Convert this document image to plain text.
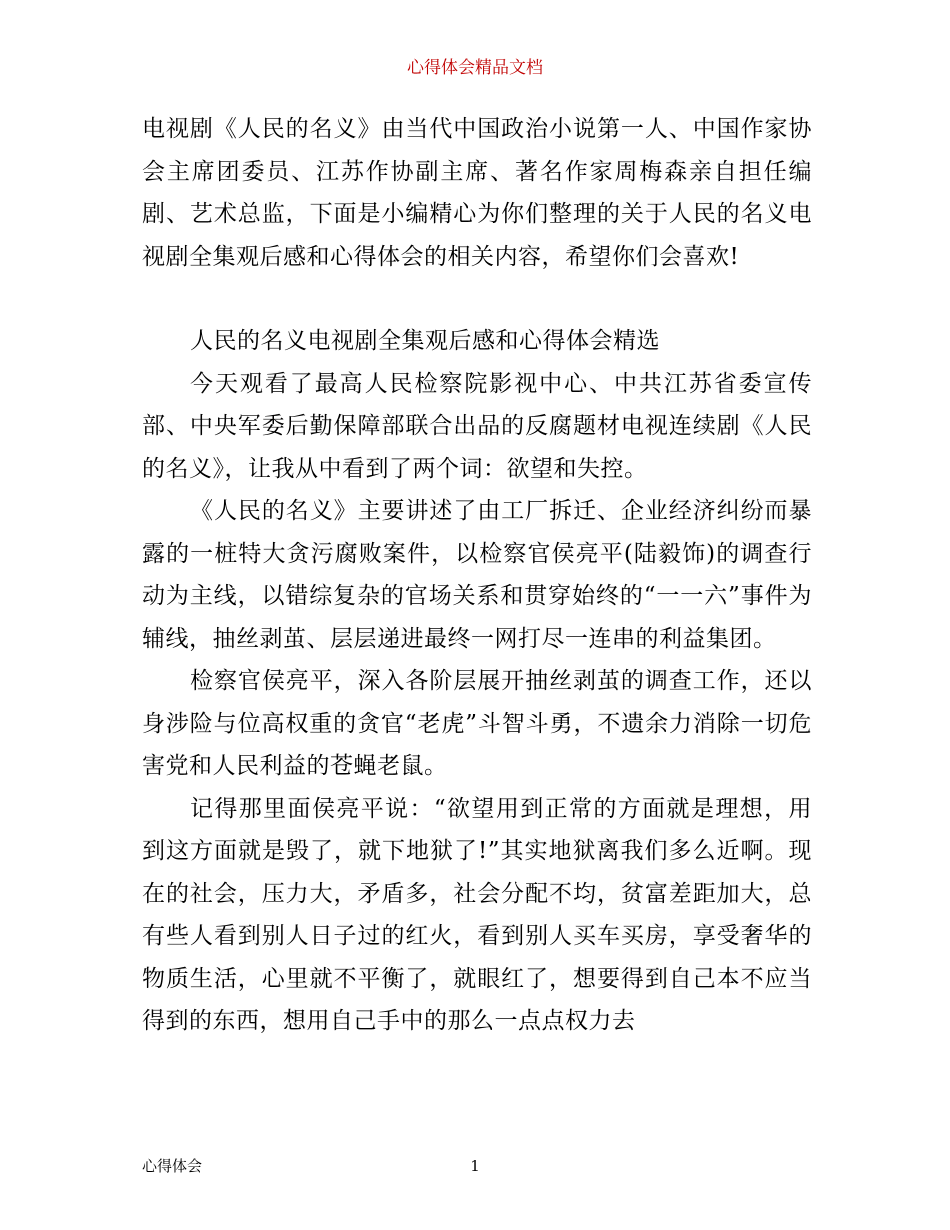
心得体会精品文档

电视剧《人民的名义》由当代中国政治小说第一人、中国作家协会主席团委员、江苏作协副主席、著名作家周梅森亲自担任编剧、艺术总监，下面是小编精心为你们整理的关于人民的名义电视剧全集观后感和心得体会的相关内容，希望你们会喜欢!

人民的名义电视剧全集观后感和心得体会精选

今天观看了最高人民检察院影视中心、中共江苏省委宣传部、中央军委后勤保障部联合出品的反腐题材电视连续剧《人民的名义》，让我从中看到了两个词：欲望和失控。

《人民的名义》主要讲述了由工厂拆迁、企业经济纠纷而暴露的一桩特大贪污腐败案件，以检察官侯亮平(陆毅饰)的调查行动为主线，以错综复杂的官场关系和贯穿始终的“一一六”事件为辅线，抽丝剥茧、层层递进最终一网打尽一连串的利益集团。

检察官侯亮平，深入各阶层展开抽丝剥茧的调查工作，还以身涉险与位高权重的贪官“老虎”斗智斗勇，不遗余力消除一切危害党和人民利益的苍蝇老鼠。

记得那里面侯亮平说：“欲望用到正常的方面就是理想，用到这方面就是毁了，就下地狱了!”其实地狱离我们多么近啊。现在的社会，压力大，矛盾多，社会分配不均，贫富差距加大，总有些人看到别人日子过的红火，看到别人买车买房，享受奢华的物质生活，心里就不平衡了，就眼红了，想要得到自己本不应当得到的东西，想用自己手中的那么一点点权力去

心得体会	1
